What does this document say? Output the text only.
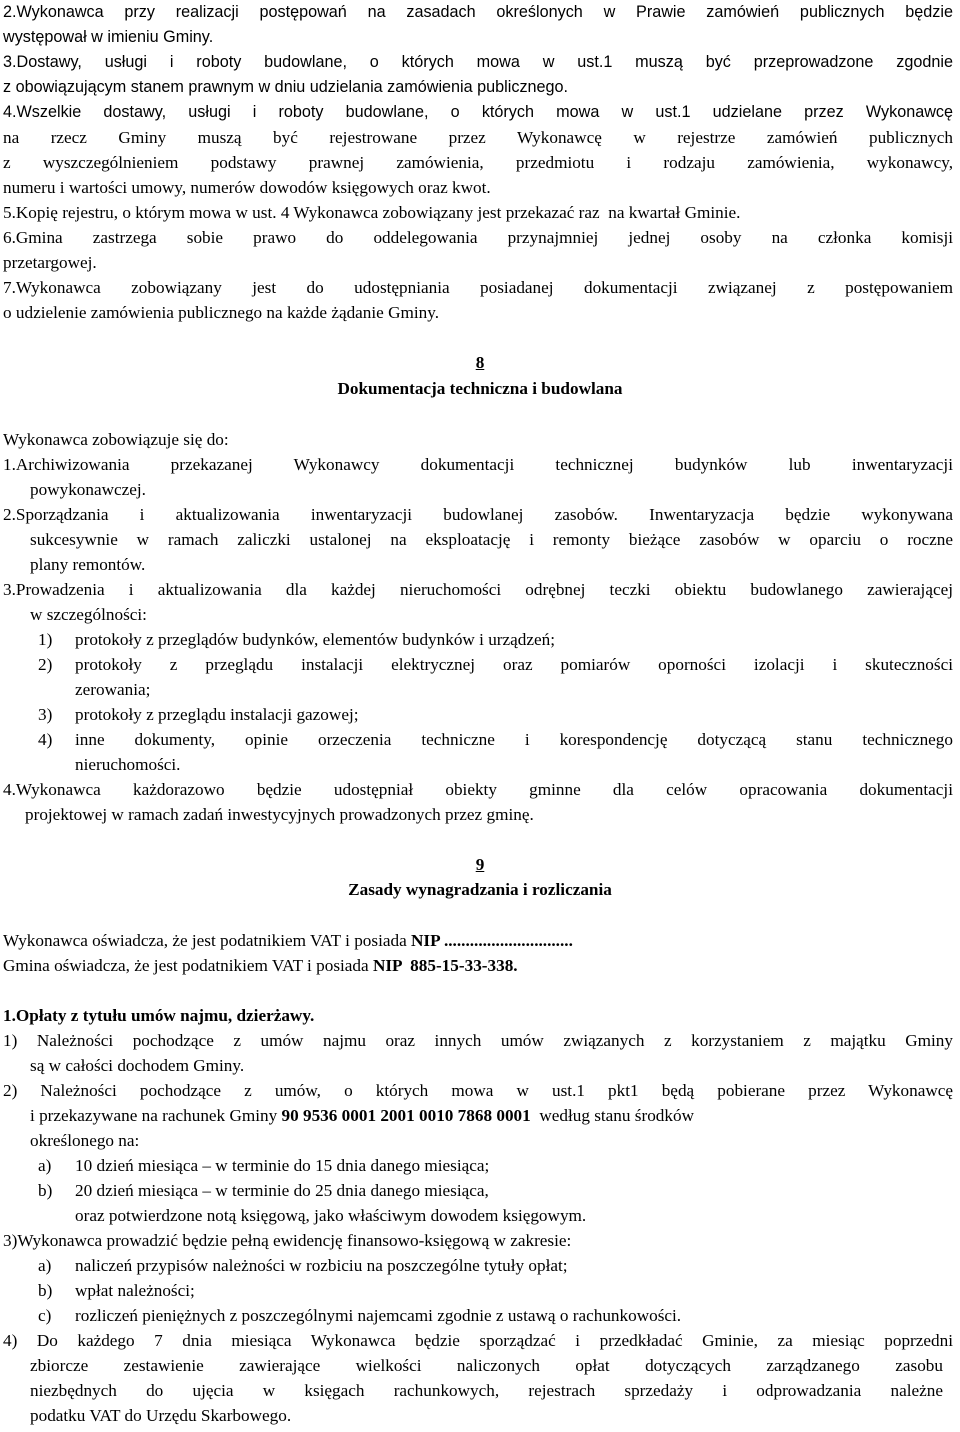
2.Wykonawca przy realizacji postępowań na zasadach określonych w Prawie zamówień publicznych będzie
występował w imieniu Gminy.
3.Dostawy, usługi i roboty budowlane, o których mowa w ust.1 muszą być przeprowadzone zgodnie
z obowiązującym stanem prawnym w dniu udzielania zamówienia publicznego.
4.Wszelkie dostawy, usługi i roboty budowlane, o których mowa w ust.1 udzielane przez Wykonawcę
na rzecz Gminy muszą być rejestrowane przez Wykonawcę w rejestrze zamówień publicznych
z wyszczególnieniem podstawy prawnej zamówienia, przedmiotu i rodzaju zamówienia, wykonawcy,
numeru i wartości umowy, numerów dowodów księgowych oraz kwot.
5.Kopię rejestru, o którym mowa w ust. 4 Wykonawca zobowiązany jest przekazać raz  na kwartał Gminie.
6.Gmina zastrzega sobie prawo do oddelegowania przynajmniej jednej osoby na członka komisji
przetargowej.
7.Wykonawca zobowiązany jest do udostępniania posiadanej dokumentacji związanej z postępowaniem
o udzielenie zamówienia publicznego na każde żądanie Gminy.
8
Dokumentacja techniczna i budowlana
Wykonawca zobowiązuje się do:
1.Archiwizowania przekazanej Wykonawcy dokumentacji technicznej budynków lub inwentaryzacji
powykonawczej.
2.Sporządzania i aktualizowania inwentaryzacji budowlanej zasobów. Inwentaryzacja będzie wykonywana
sukcesywnie w ramach zaliczki ustalonej na eksploatację i remonty bieżące zasobów w oparciu o roczne
plany remontów.
3.Prowadzenia i aktualizowania dla każdej nieruchomości odrębnej teczki obiektu budowlanego zawierającej
w szczególności:
1) protokoły z przeglądów budynków, elementów budynków i urządzeń;
2) protokoły z przeglądu instalacji elektrycznej oraz pomiarów oporności izolacji i skuteczności
zerowania;
3) protokoły z przeglądu instalacji gazowej;
4) inne dokumenty, opinie orzeczenia techniczne i korespondencję dotyczącą stanu technicznego
nieruchomości.
4.Wykonawca każdorazowo będzie udostępniał obiekty gminne dla celów opracowania dokumentacji
projektowej w ramach zadań inwestycyjnych prowadzonych przez gminę.
9
Zasady wynagradzania i rozliczania
Wykonawca oświadcza, że jest podatnikiem VAT i posiada NIP ..............................
Gmina oświadcza, że jest podatnikiem VAT i posiada NIP  885-15-33-338.
1.Opłaty z tytułu umów najmu, dzierżawy.
1) Należności pochodzące z umów najmu oraz innych umów związanych z korzystaniem z majątku Gminy
są w całości dochodem Gminy.
2) Należności pochodzące z umów, o których mowa w ust.1 pkt1 będą pobierane przez Wykonawcę
i przekazywane na rachunek Gminy 90 9536 0001 2001 0010 7868 0001  według stanu środków
określonego na:
a) 10 dzień miesiąca – w terminie do 15 dnia danego miesiąca;
b) 20 dzień miesiąca – w terminie do 25 dnia danego miesiąca,
oraz potwierdzone notą księgową, jako właściwym dowodem księgowym.
3)Wykonawca prowadzić będzie pełną ewidencję finansowo-księgową w zakresie:
a) naliczeń przypisów należności w rozbiciu na poszczególne tytuły opłat;
b) wpłat należności;
c) rozliczeń pieniężnych z poszczególnymi najemcami zgodnie z ustawą o rachunkowości.
4) Do każdego 7 dnia miesiąca Wykonawca będzie sporządzać i przedkładać Gminie, za miesiąc poprzedni
zbiorcze zestawienie zawierające wielkości naliczonych opłat dotyczących zarządzanego zasobu
niezbędnych do ujęcia w księgach rachunkowych, rejestrach sprzedaży i odprowadzania należne
podatku VAT do Urzędu Skarbowego.
